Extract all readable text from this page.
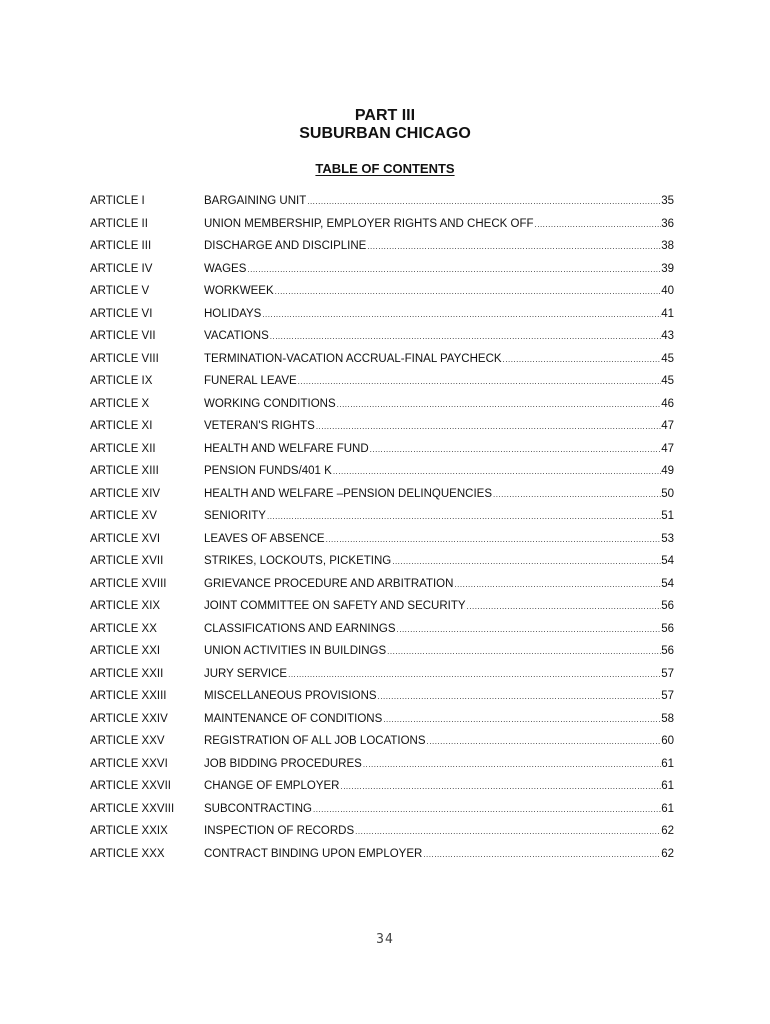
PART III
SUBURBAN CHICAGO
TABLE OF CONTENTS
ARTICLE I	BARGAINING UNIT .....	35
ARTICLE II	UNION MEMBERSHIP, EMPLOYER RIGHTS AND CHECK OFF .....	36
ARTICLE III	DISCHARGE AND DISCIPLINE .....	38
ARTICLE IV	WAGES .....	39
ARTICLE V	WORKWEEK .....	40
ARTICLE VI	HOLIDAYS .....	41
ARTICLE VII	VACATIONS .....	43
ARTICLE VIII	TERMINATION-VACATION ACCRUAL-FINAL PAYCHECK .....	45
ARTICLE IX	FUNERAL LEAVE .....	45
ARTICLE X	WORKING CONDITIONS .....	46
ARTICLE XI	VETERAN'S RIGHTS .....	47
ARTICLE XII	HEALTH AND WELFARE FUND .....	47
ARTICLE XIII	PENSION FUNDS/401 K .....	49
ARTICLE XIV	HEALTH AND WELFARE –PENSION DELINQUENCIES .....	50
ARTICLE XV	SENIORITY .....	51
ARTICLE XVI	LEAVES OF ABSENCE .....	53
ARTICLE XVII	STRIKES, LOCKOUTS, PICKETING .....	54
ARTICLE XVIII	GRIEVANCE PROCEDURE AND ARBITRATION .....	54
ARTICLE XIX	JOINT COMMITTEE ON SAFETY AND SECURITY .....	56
ARTICLE XX	CLASSIFICATIONS AND EARNINGS .....	56
ARTICLE XXI	UNION ACTIVITIES IN BUILDINGS .....	56
ARTICLE XXII	JURY SERVICE .....	57
ARTICLE XXIII	MISCELLANEOUS PROVISIONS .....	57
ARTICLE XXIV	MAINTENANCE OF CONDITIONS .....	58
ARTICLE XXV	REGISTRATION OF ALL JOB LOCATIONS .....	60
ARTICLE XXVI	JOB BIDDING PROCEDURES .....	61
ARTICLE XXVII	CHANGE OF EMPLOYER .....	61
ARTICLE XXVIII	SUBCONTRACTING .....	61
ARTICLE XXIX	INSPECTION OF RECORDS .....	62
ARTICLE XXX	CONTRACT BINDING UPON EMPLOYER .....	62
34
